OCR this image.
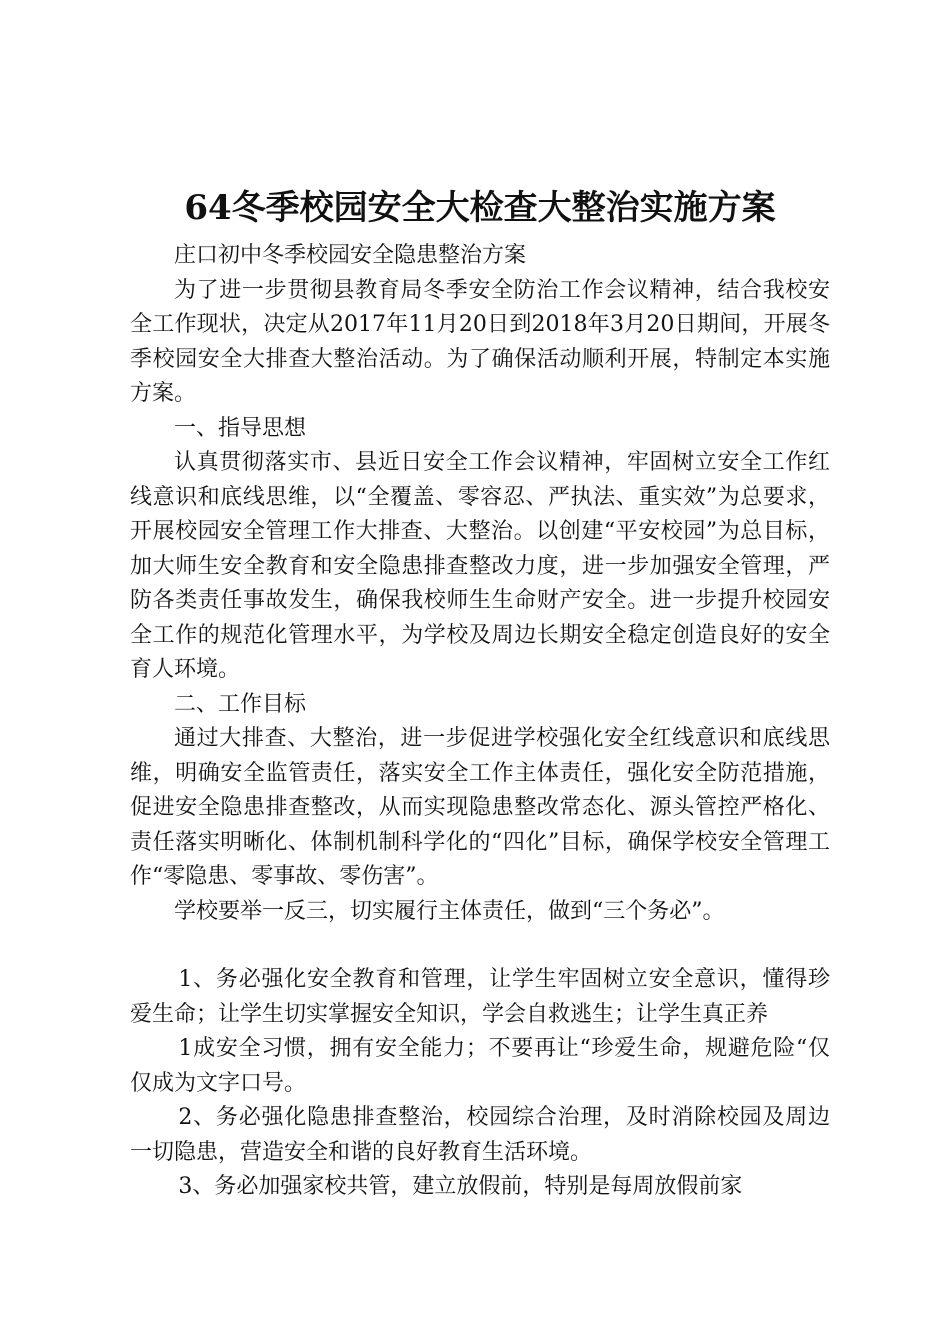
64冬季校园安全大检查大整治实施方案

庄口初中冬季校园安全隐患整治方案

为了进一步贯彻县教育局冬季安全防治工作会议精神，结合我校安全工作现状，决定从2017年11月20日到2018年3月20日期间，开展冬季校园安全大排查大整治活动。为了确保活动顺利开展，特制定本实施方案。

一、指导思想

认真贯彻落实市、县近日安全工作会议精神，牢固树立安全工作红线意识和底线思维，以“全覆盖、零容忍、严执法、重实效”为总要求，开展校园安全管理工作大排查、大整治。以创建“平安校园”为总目标，加大师生安全教育和安全隐患排查整改力度，进一步加强安全管理，严防各类责任事故发生，确保我校师生生命财产安全。进一步提升校园安全工作的规范化管理水平，为学校及周边长期安全稳定创造良好的安全育人环境。

二、工作目标

通过大排查、大整治，进一步促进学校强化安全红线意识和底线思维，明确安全监管责任，落实安全工作主体责任，强化安全防范措施，促进安全隐患排查整改，从而实现隐患整改常态化、源头管控严格化、责任落实明晰化、体制机制科学化的“四化”目标，确保学校安全管理工作“零隐患、零事故、零伤害”。

学校要举一反三，切实履行主体责任，做到“三个务必”。

1、务必强化安全教育和管理，让学生牢固树立安全意识，懂得珍爱生命；让学生切实掌握安全知识，学会自救逃生；让学生真正养

1成安全习惯，拥有安全能力；不要再让“珍爱生命，规避危险“仅仅成为文字口号。

2、务必强化隐患排查整治，校园综合治理，及时消除校园及周边一切隐患，营造安全和谐的良好教育生活环境。

3、务必加强家校共管，建立放假前，特别是每周放假前家
